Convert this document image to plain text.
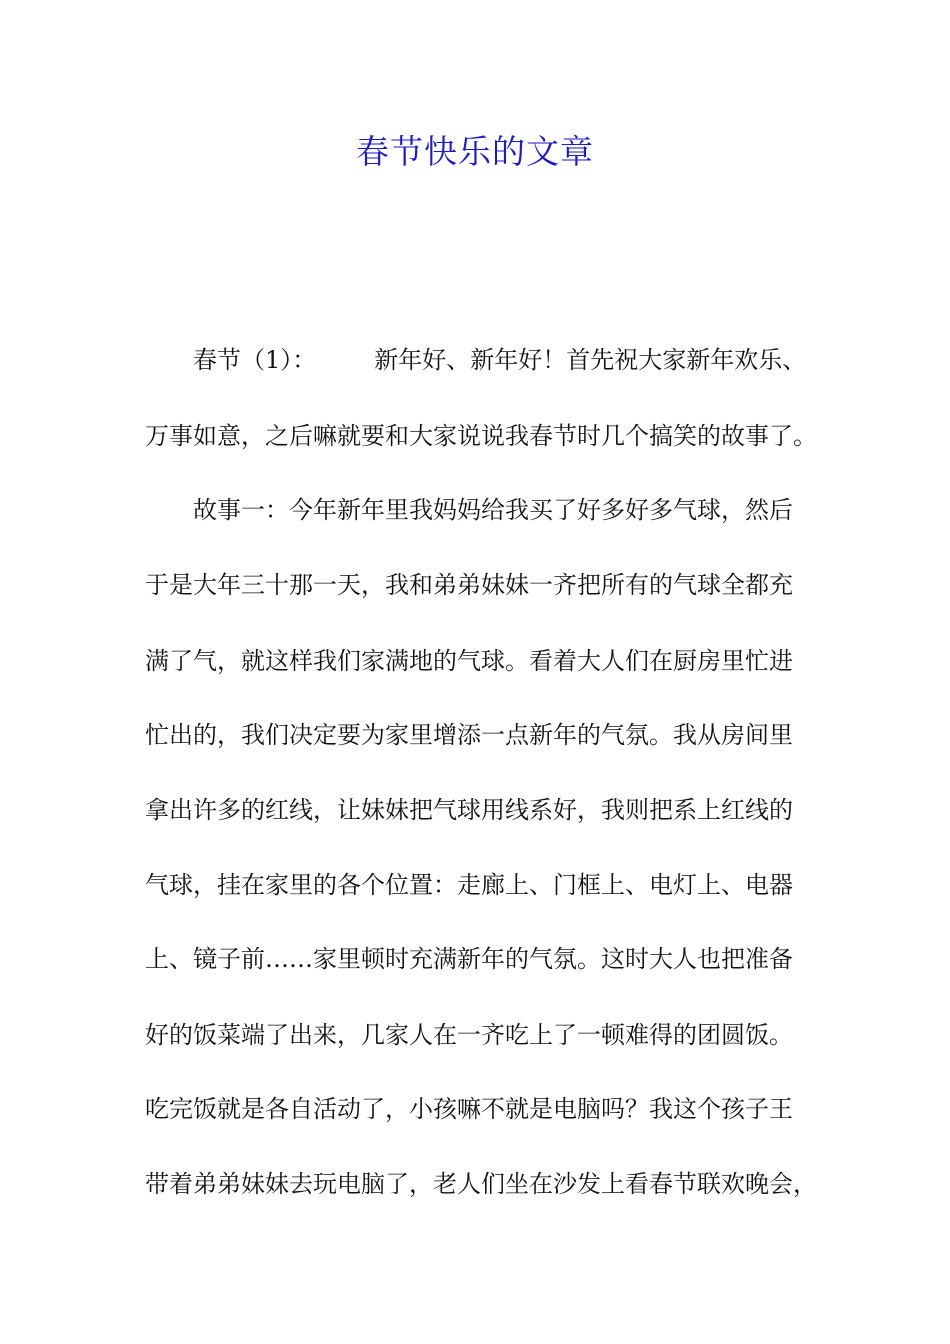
春节快乐的文章
春节（1）： 新年好、新年好！首先祝大家新年欢乐、
万事如意，之后嘛就要和大家说说我春节时几个搞笑的故事了。
故事一：今年新年里我妈妈给我买了好多好多气球，然后
于是大年三十那一天，我和弟弟妹妹一齐把所有的气球全都充
满了气，就这样我们家满地的气球。看着大人们在厨房里忙进
忙出的，我们决定要为家里增添一点新年的气氛。我从房间里
拿出许多的红线，让妹妹把气球用线系好，我则把系上红线的
气球，挂在家里的各个位置：走廊上、门框上、电灯上、电器
上、镜子前……家里顿时充满新年的气氛。这时大人也把准备
好的饭菜端了出来，几家人在一齐吃上了一顿难得的团圆饭。
吃完饭就是各自活动了，小孩嘛不就是电脑吗？我这个孩子王
带着弟弟妹妹去玩电脑了，老人们坐在沙发上看春节联欢晚会，
